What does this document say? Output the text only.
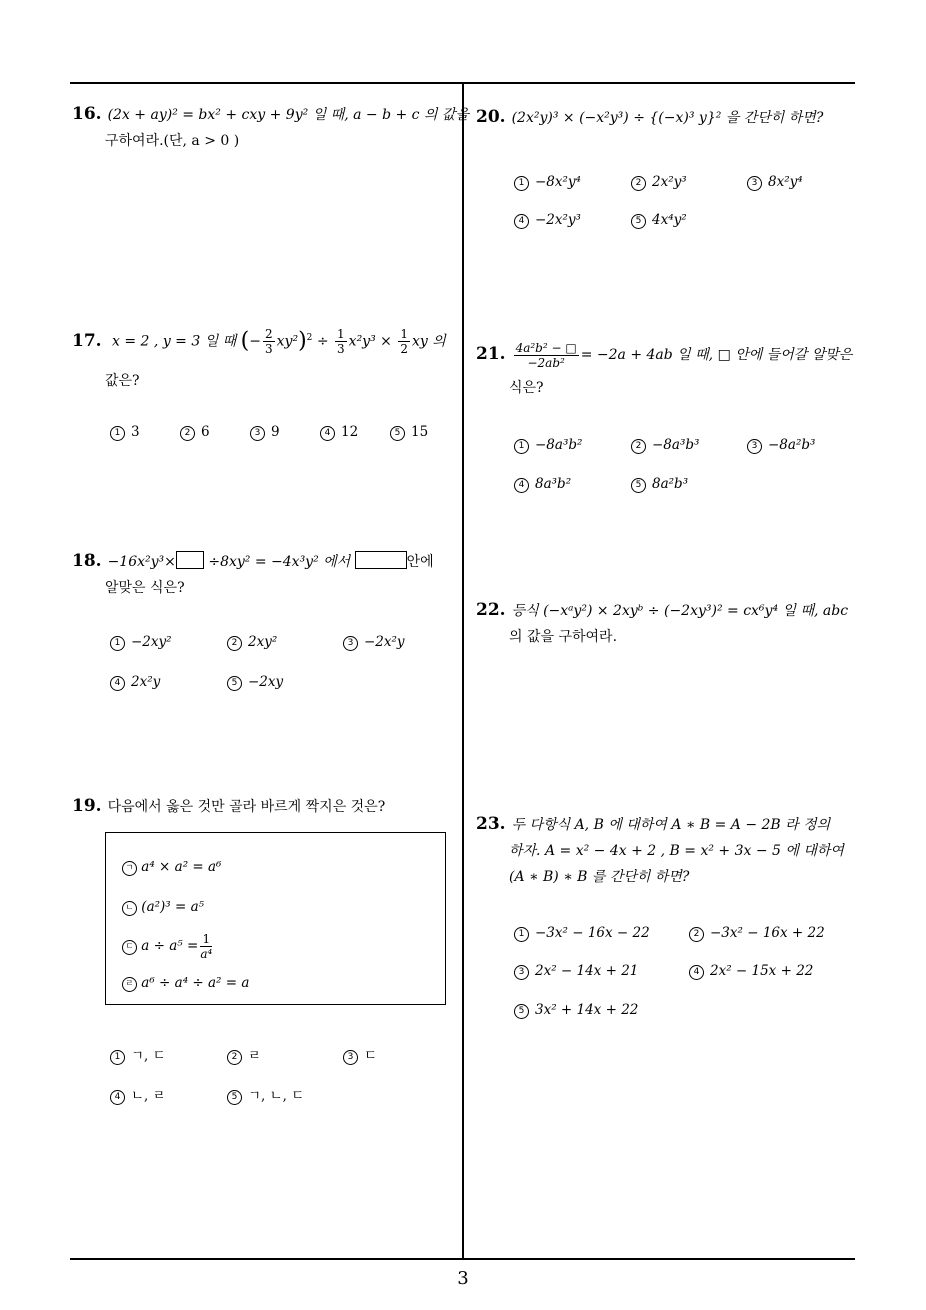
16. (2x + ay)² = bx² + cxy + 9y² 일 때, a − b + c 의 값을
구하여라.(단, a > 0 )
17. x = 2 , y = 3 일 때 (− $\frac{2}{3} xy^2)^2 \div \frac{1}{3} x^2y^3 \times \frac{1}{2}$ xy 의
값은?
1 3	2 6	3 9	4 12	5 15
18. −16x²y³× ÷8xy² = −4x³y² 에서	안에
알맞은 식은?
1 −2xy²	2 2xy²	3 −2x²y
4 2x²y	5 −2xy
19. 다음에서 옳은 것만 골라 바르게 짝지은 것은?
ㄱ a⁴ × a² = a⁶
ㄴ (a²)³ = a⁵
ㄷ $a \div a^5 = \frac{1}{\text{a⁴}}$
ㄹ a⁶ ÷ a⁴ ÷ a² = a
1 ㄱ, ㄷ	2 ㄹ	3 ㄷ
4 ㄴ, ㄹ	5 ㄱ, ㄴ, ㄷ
20. (2x²y)³ × (−x²y³) ÷ {(−x)³ y}² 을 간단히 하면?
1 −8x²y⁴	2 2x²y³	3 8x²y⁴
4 −2x²y³	5 4x⁴y²
21. $\frac{\text{4a²b² − □}}{\text{−2ab²}} = -2a + 4ab$ 일 때, □ 안에 들어갈 알맞은
식은?
1 −8a³b²	2 −8a³b³	3 −8a²b³
4 8a³b²	5 8a²b³
22. 등식 (−xᵃy²) × 2xyᵇ ÷ (−2xy³)² = cx⁶y⁴ 일 때, abc
의 값을 구하여라.
23. 두 다항식 A, B 에 대하여 A ∗ B = A − 2B 라 정의
하자. A = x² − 4x + 2 , B = x² + 3x − 5 에 대하여
(A ∗ B) ∗ B 를 간단히 하면?
1 −3x² − 16x − 22	2 −3x² − 16x + 22
3 2x² − 14x + 21	4 2x² − 15x + 22
5 3x² + 14x + 22
3
